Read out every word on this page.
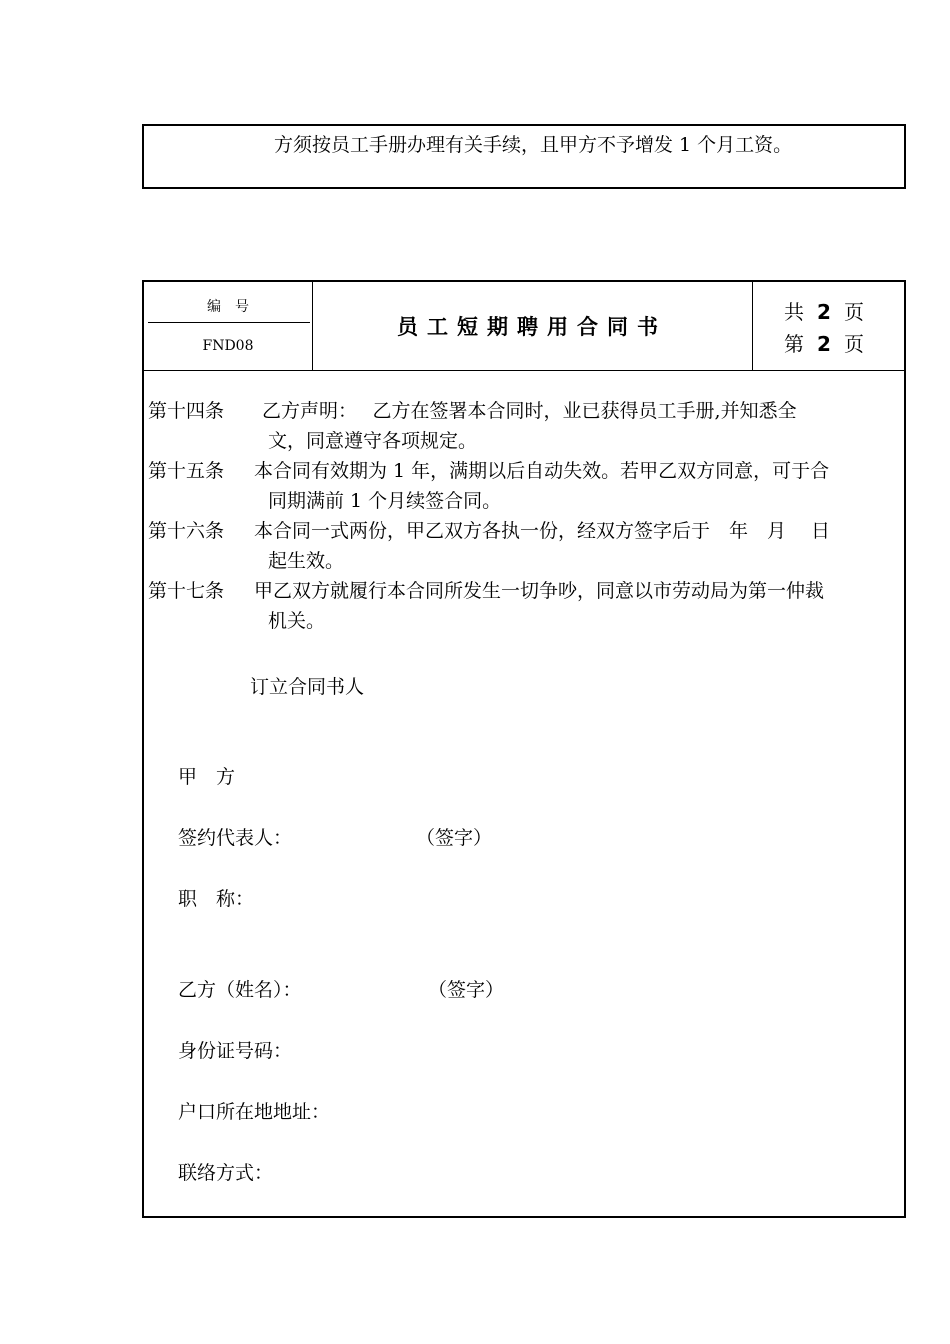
方须按员工手册办理有关手续，且甲方不予增发 1 个月工资。
编　号
FND08
员工短期聘用合同书
共 2 页
第 2 页
第十四条 乙方声明：　 乙方在签署本合同时，业已获得员工手册,并知悉全
文，同意遵守各项规定。
第十五条 本合同有效期为 1 年，满期以后自动失效。若甲乙双方同意，可于合
同期满前 1 个月续签合同。
第十六条 本合同一式两份，甲乙双方各执一份，经双方签字后于　年　月　 日
起生效。
第十七条 甲乙双方就履行本合同所发生一切争吵，同意以市劳动局为第一仲裁
机关。
订立合同书人
甲　方
签约代表人：	（签字）
职　称：
乙方（姓名）：	（签字）
身份证号码：
户口所在地地址：
联络方式：
